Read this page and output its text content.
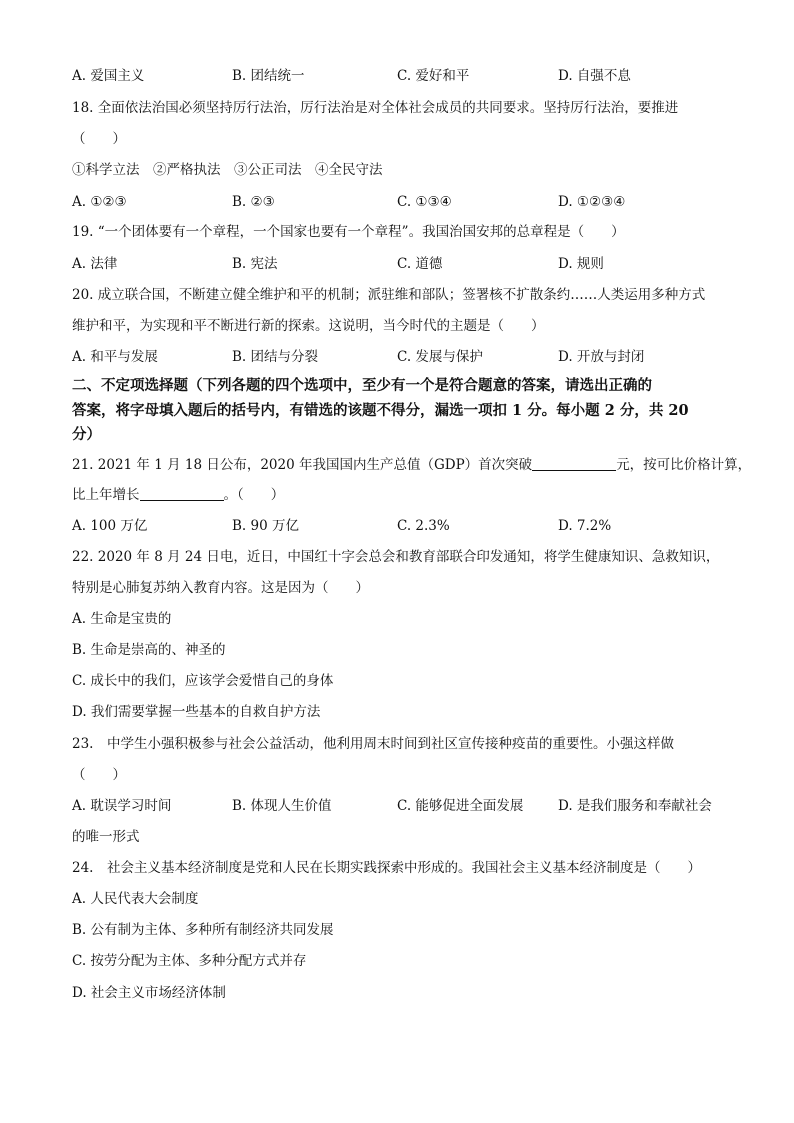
A. 爱国主义	B. 团结统一	C. 爱好和平	D. 自强不息
18. 全面依法治国必须坚持厉行法治，厉行法治是对全体社会成员的共同要求。坚持厉行法治，要推进
（　　）
①科学立法　②严格执法　③公正司法　④全民守法
A. ①②③	B. ②③	C. ①③④	D. ①②③④
19. “一个团体要有一个章程，一个国家也要有一个章程”。我国治国安邦的总章程是（　　）
A. 法律	B. 宪法	C. 道德	D. 规则
20. 成立联合国，不断建立健全维护和平的机制；派驻维和部队；签署核不扩散条约……人类运用多种方式
维护和平，为实现和平不断进行新的探索。这说明，当今时代的主题是（　　）
A. 和平与发展	B. 团结与分裂	C. 发展与保护	D. 开放与封闭
二、不定项选择题（下列各题的四个选项中，至少有一个是符合题意的答案，请选出正确的
答案，将字母填入题后的括号内，有错选的该题不得分，漏选一项扣 1 分。每小题 2 分，共 20
分）
21. 2021 年 1 月 18 日公布，2020 年我国国内生产总值（GDP）首次突破	元，按可比价格计算，
比上年增长	。（　　）
A. 100 万亿	B. 90 万亿	C. 2.3%	D. 7.2%
22. 2020 年 8 月 24 日电，近日，中国红十字会总会和教育部联合印发通知，将学生健康知识、急救知识，
特别是心肺复苏纳入教育内容。这是因为（　　）
A. 生命是宝贵的
B. 生命是崇高的、神圣的
C. 成长中的我们，应该学会爱惜自己的身体
D. 我们需要掌握一些基本的自救自护方法
23.　中学生小强积极参与社会公益活动，他利用周末时间到社区宣传接种疫苗的重要性。小强这样做
（　　）
A. 耽误学习时间	B. 体现人生价值	C. 能够促进全面发展	D. 是我们服务和奉献社会
的唯一形式
24.　社会主义基本经济制度是党和人民在长期实践探索中形成的。我国社会主义基本经济制度是（　　）
A. 人民代表大会制度
B. 公有制为主体、多种所有制经济共同发展
C. 按劳分配为主体、多种分配方式并存
D. 社会主义市场经济体制
